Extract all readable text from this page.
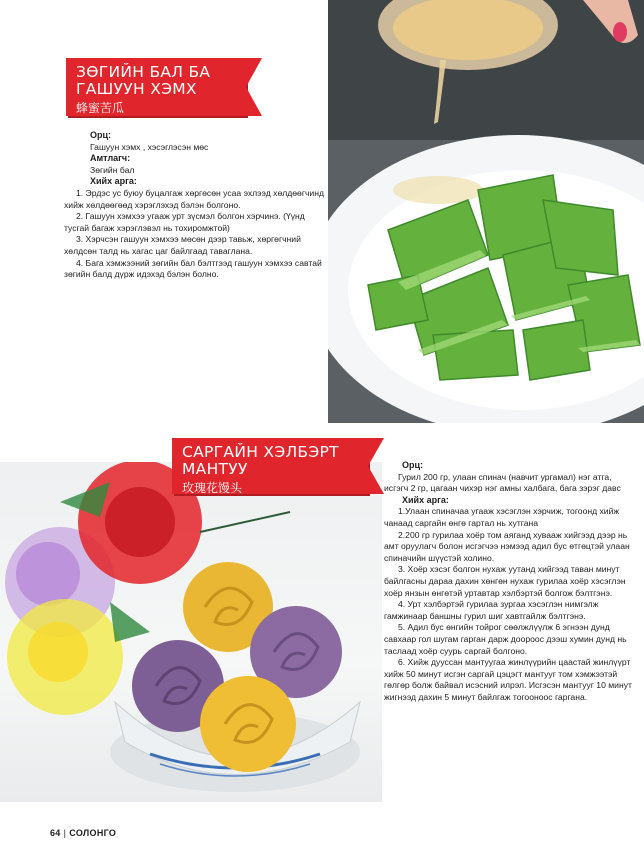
ЗӨГИЙН БАЛ БА ГАШУУН ХЭМХ
蜂蜜苦瓜

Орц:

Гашуун хэмх , хэсэглэсэн мөс

Амтлагч:

Зөгийн бал

Хийх арга:

1. Эрдэс ус буюу буцалгаж хөргөсөн усаа эхлээд хөлдөөгчинд хийж хөлдөөгөөд хэрэглэхэд бэлэн болгоно.

2. Гашуун хэмхээ угааж урт зүсмэл болгон хэрчинэ. (Үүнд тусгай багаж хэрэглэвэл нь тохиромжтой)

3. Хэрчсэн гашуун хэмхээ мөсөн дээр тавьж, хөргөгчний хөлдсөн талд нь хагас цаг байлгаад таваглана.

4. Бага хэмжээний зөгийн бал бэлтгээд гашуун хэмхээ савтай зөгийн балд дүрж идэхэд бэлэн болно.

САРГАЙН ХЭЛБЭРТ МАНТУУ
玫瑰花馒头

Орц:

Гурил 200 гр, улаан спинач (навчит ургамал) нэг атга, исгэгч 2 гр, цагаан чихэр нэг амны халбага, бага зэрэг давс

Хийх арга:

1.Улаан спиначаа угааж хэсэглэн хэрчиж, тогоонд хийж чанаад саргайн өнгө гартал нь хутгана

2.200 гр гурилаа хоёр том аяганд хувааж хийгээд дээр нь амт оруулагч болон исгэгчээ нэмээд адил бус өтгөцтэй улаан спиначийн шүүстэй холино.

3. Хоёр хэсэг болгон нухаж уутанд хийгээд таван минут байлгасны дараа дахин хөнгөн нухаж гурилаа хоёр хэсэглэн хоёр янзын өнгөтэй уртавтар хэлбэртэй болгож бэлтгэнэ.

4. Урт хэлбэртэй гурилаа зургаа хэсэглэн нимгэлж гамжинаар баншны гурил шиг хавтгайлж бэлтгэнэ.

5. Адил бус өнгийн тойрог сөөлжлүүлж 6 эгнээн дунд савхаар гол шугам гарган дарж доороос дээш хумин дунд нь таслаад хоёр суурь саргай болгоно.

6. Хийж дууссан мантуугаа жинлүүрийн цаастай жинлүүрт хийж 50 минут исгэн саргай цэцэгт мантууг том хэмжээтэй гөлгөр болж байвал исэсний илрэл. Исгэсэн мантууг 10 минут жигнээд дахин 5 минут байлгаж тогооноос гаргана.

64 | СОЛОНГО
